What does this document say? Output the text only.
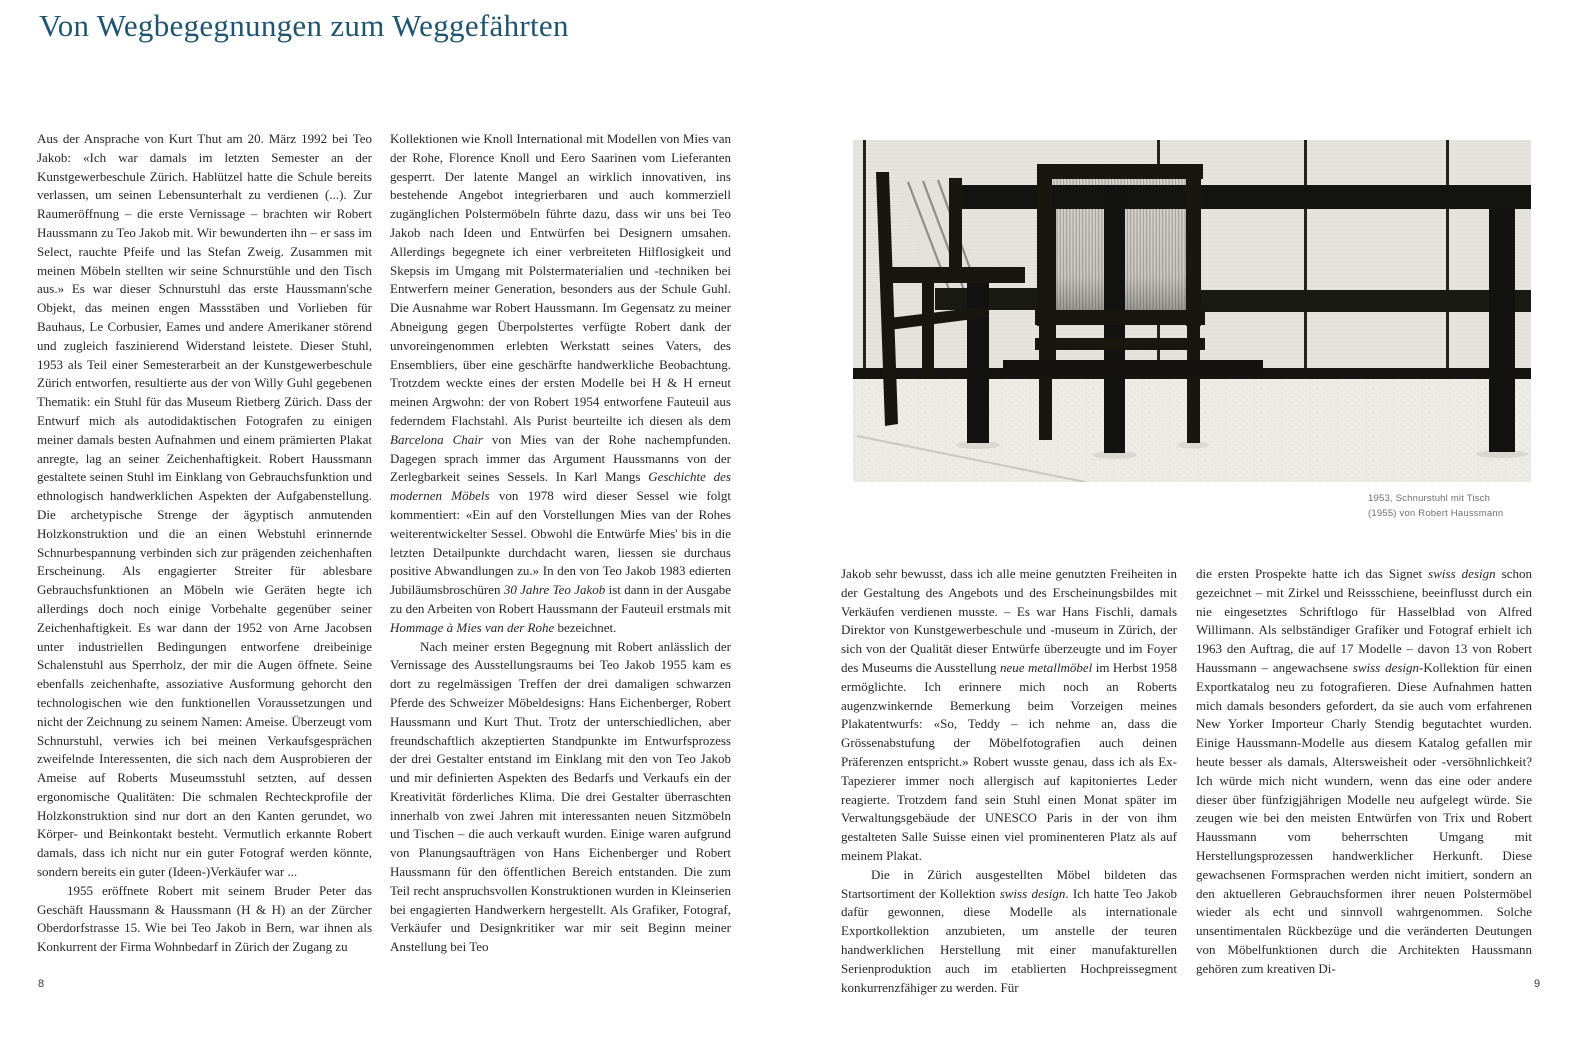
Von Wegbegegnungen zum Weggefährten

Aus der Ansprache von Kurt Thut am 20. März 1992 bei Teo Jakob: «Ich war damals im letzten Semester an der Kunstgewerbeschule Zürich. Hablützel hatte die Schule bereits verlassen, um seinen Lebensunterhalt zu verdienen (...). Zur Raumeröffnung – die erste Vernissage – brachten wir Robert Haussmann zu Teo Jakob mit. Wir bewunderten ihn – er sass im Select, rauchte Pfeife und las Stefan Zweig. Zusammen mit meinen Möbeln stellten wir seine Schnurstühle und den Tisch aus.» Es war dieser Schnurstuhl das erste Haussmann'sche Objekt, das meinen engen Massstäben und Vorlieben für Bauhaus, Le Corbusier, Eames und andere Amerikaner störend und zugleich faszinierend Widerstand leistete. Dieser Stuhl, 1953 als Teil einer Semesterarbeit an der Kunstgewerbeschule Zürich entworfen, resultierte aus der von Willy Guhl gegebenen Thematik: ein Stuhl für das Museum Rietberg Zürich. Dass der Entwurf mich als autodidaktischen Fotografen zu einigen meiner damals besten Aufnahmen und einem prämierten Plakat anregte, lag an seiner Zeichenhaftigkeit. Robert Haussmann gestaltete seinen Stuhl im Einklang von Gebrauchsfunktion und ethnologisch handwerklichen Aspekten der Aufgabenstellung. Die archetypische Strenge der ägyptisch anmutenden Holzkonstruktion und die an einen Webstuhl erinnernde Schnurbespannung verbinden sich zur prägenden zeichenhaften Erscheinung. Als engagierter Streiter für ablesbare Gebrauchsfunktionen an Möbeln wie Geräten hegte ich allerdings doch noch einige Vorbehalte gegenüber seiner Zeichenhaftigkeit. Es war dann der 1952 von Arne Jacobsen unter industriellen Bedingungen entworfene dreibeinige Schalenstuhl aus Sperrholz, der mir die Augen öffnete. Seine ebenfalls zeichenhafte, assoziative Ausformung gehorcht den technologischen wie den funktionellen Voraussetzungen und nicht der Zeichnung zu seinem Namen: Ameise. Überzeugt vom Schnurstuhl, verwies ich bei meinen Verkaufsgesprächen zweifelnde Interessenten, die sich nach dem Ausprobieren der Ameise auf Roberts Museumsstuhl setzten, auf dessen ergonomische Qualitäten: Die schmalen Rechteckprofile der Holzkonstruktion sind nur dort an den Kanten gerundet, wo Körper- und Beinkontakt besteht. Vermutlich erkannte Robert damals, dass ich nicht nur ein guter Fotograf werden könnte, sondern bereits ein guter (Ideen-)Verkäufer war ...

1955 eröffnete Robert mit seinem Bruder Peter das Geschäft Haussmann & Haussmann (H & H) an der Zürcher Oberdorfstrasse 15. Wie bei Teo Jakob in Bern, war ihnen als Konkurrent der Firma Wohnbedarf in Zürich der Zugang zu

Kollektionen wie Knoll International mit Modellen von Mies van der Rohe, Florence Knoll und Eero Saarinen vom Lieferanten gesperrt. Der latente Mangel an wirklich innovativen, ins bestehende Angebot integrierbaren und auch kommerziell zugänglichen Polstermöbeln führte dazu, dass wir uns bei Teo Jakob nach Ideen und Entwürfen bei Designern umsahen. Allerdings begegnete ich einer verbreiteten Hilflosigkeit und Skepsis im Umgang mit Polstermaterialien und -techniken bei Entwerfern meiner Generation, besonders aus der Schule Guhl. Die Ausnahme war Robert Haussmann. Im Gegensatz zu meiner Abneigung gegen Überpolstertes verfügte Robert dank der unvoreingenommen erlebten Werkstatt seines Vaters, des Ensembliers, über eine geschärfte handwerkliche Beobachtung. Trotzdem weckte eines der ersten Modelle bei H & H erneut meinen Argwohn: der von Robert 1954 entworfene Fauteuil aus federndem Flachstahl. Als Purist beurteilte ich diesen als dem Barcelona Chair von Mies van der Rohe nachempfunden. Dagegen sprach immer das Argument Haussmanns von der Zerlegbarkeit seines Sessels. In Karl Mangs Geschichte des modernen Möbels von 1978 wird dieser Sessel wie folgt kommentiert: «Ein auf den Vorstellungen Mies van der Rohes weiterentwickelter Sessel. Obwohl die Entwürfe Mies' bis in die letzten Detailpunkte durchdacht waren, liessen sie durchaus positive Abwandlungen zu.» In den von Teo Jakob 1983 edierten Jubiläumsbroschüren 30 Jahre Teo Jakob ist dann in der Ausgabe zu den Arbeiten von Robert Haussmann der Fauteuil erstmals mit Hommage à Mies van der Rohe bezeichnet.

Nach meiner ersten Begegnung mit Robert anlässlich der Vernissage des Ausstellungsraums bei Teo Jakob 1955 kam es dort zu regelmässigen Treffen der drei damaligen schwarzen Pferde des Schweizer Möbeldesigns: Hans Eichenberger, Robert Haussmann und Kurt Thut. Trotz der unterschiedlichen, aber freundschaftlich akzeptierten Standpunkte im Entwurfsprozess der drei Gestalter entstand im Einklang mit den von Teo Jakob und mir definierten Aspekten des Bedarfs und Verkaufs ein der Kreativität förderliches Klima. Die drei Gestalter überraschten innerhalb von zwei Jahren mit interessanten neuen Sitzmöbeln und Tischen – die auch verkauft wurden. Einige waren aufgrund von Planungsaufträgen von Hans Eichenberger und Robert Haussmann für den öffentlichen Bereich entstanden. Die zum Teil recht anspruchsvollen Konstruktionen wurden in Kleinserien bei engagierten Handwerkern hergestellt. Als Grafiker, Fotograf, Verkäufer und Designkritiker war mir seit Beginn meiner Anstellung bei Teo

1953, Schnurstuhl mit Tisch
(1955) von Robert Haussmann

Jakob sehr bewusst, dass ich alle meine genutzten Freiheiten in der Gestaltung des Angebots und des Erscheinungsbildes mit Verkäufen verdienen musste. – Es war Hans Fischli, damals Direktor von Kunstgewerbeschule und -museum in Zürich, der sich von der Qualität dieser Entwürfe überzeugte und im Foyer des Museums die Ausstellung neue metallmöbel im Herbst 1958 ermöglichte. Ich erinnere mich noch an Roberts augenzwinkernde Bemerkung beim Vorzeigen meines Plakatentwurfs: «So, Teddy – ich nehme an, dass die Grössenabstufung der Möbelfotografien auch deinen Präferenzen entspricht.» Robert wusste genau, dass ich als Ex-Tapezierer immer noch allergisch auf kapitoniertes Leder reagierte. Trotzdem fand sein Stuhl einen Monat später im Verwaltungsgebäude der UNESCO Paris in der von ihm gestalteten Salle Suisse einen viel prominenteren Platz als auf meinem Plakat.

Die in Zürich ausgestellten Möbel bildeten das Startsortiment der Kollektion swiss design. Ich hatte Teo Jakob dafür gewonnen, diese Modelle als internationale Exportkollektion anzubieten, um anstelle der teuren handwerklichen Herstellung mit einer manufakturellen Serienproduktion auch im etablierten Hochpreissegment konkurrenzfähiger zu werden. Für

die ersten Prospekte hatte ich das Signet swiss design schon gezeichnet – mit Zirkel und Reissschiene, beeinflusst durch ein nie eingesetztes Schriftlogo für Hasselblad von Alfred Willimann. Als selbständiger Grafiker und Fotograf erhielt ich 1963 den Auftrag, die auf 17 Modelle – davon 13 von Robert Haussmann – angewachsene swiss design-Kollektion für einen Exportkatalog neu zu fotografieren. Diese Aufnahmen hatten mich damals besonders gefordert, da sie auch vom erfahrenen New Yorker Importeur Charly Stendig begutachtet wurden. Einige Haussmann-Modelle aus diesem Katalog gefallen mir heute besser als damals, Altersweisheit oder -versöhnlichkeit? Ich würde mich nicht wundern, wenn das eine oder andere dieser über fünfzigjährigen Modelle neu aufgelegt würde. Sie zeugen wie bei den meisten Entwürfen von Trix und Robert Haussmann vom beherrschten Umgang mit Herstellungsprozessen handwerklicher Herkunft. Diese gewachsenen Formsprachen werden nicht imitiert, sondern an den aktuelleren Gebrauchsformen ihrer neuen Polstermöbel wieder als echt und sinnvoll wahrgenommen. Solche unsentimentalen Rückbezüge und die veränderten Deutungen von Möbelfunktionen durch die Architekten Haussmann gehören zum kreativen Di-

8	9
